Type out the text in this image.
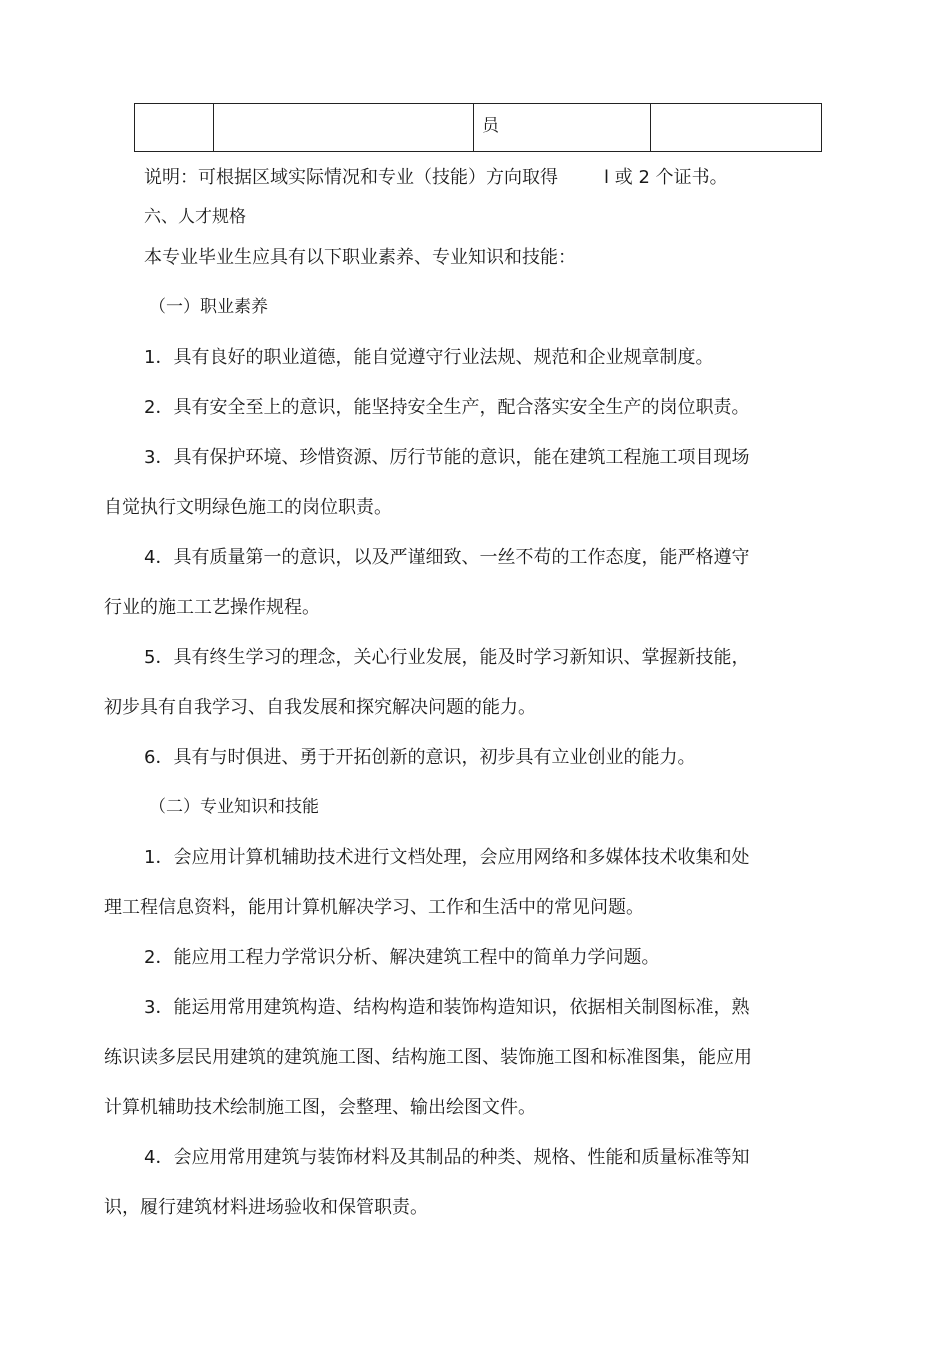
员

说明：可根据区域实际情况和专业（技能）方向取得	l 或 2 个证书。
六、人才规格
本专业毕业生应具有以下职业素养、专业知识和技能：
（一）职业素养
1．具有良好的职业道德，能自觉遵守行业法规、规范和企业规章制度。
2．具有安全至上的意识，能坚持安全生产，配合落实安全生产的岗位职责。
3．具有保护环境、珍惜资源、厉行节能的意识，能在建筑工程施工项目现场
自觉执行文明绿色施工的岗位职责。
4．具有质量第一的意识，以及严谨细致、一丝不苟的工作态度，能严格遵守
行业的施工工艺操作规程。
5．具有终生学习的理念，关心行业发展，能及时学习新知识、掌握新技能，
初步具有自我学习、自我发展和探究解决问题的能力。
6．具有与时俱进、勇于开拓创新的意识，初步具有立业创业的能力。
（二）专业知识和技能
1．会应用计算机辅助技术进行文档处理，会应用网络和多媒体技术收集和处
理工程信息资料，能用计算机解决学习、工作和生活中的常见问题。
2．能应用工程力学常识分析、解决建筑工程中的简单力学问题。
3．能运用常用建筑构造、结构构造和装饰构造知识，依据相关制图标准，熟
练识读多层民用建筑的建筑施工图、结构施工图、装饰施工图和标准图集，能应用
计算机辅助技术绘制施工图，会整理、输出绘图文件。
4．会应用常用建筑与装饰材料及其制品的种类、规格、性能和质量标准等知
识，履行建筑材料进场验收和保管职责。
